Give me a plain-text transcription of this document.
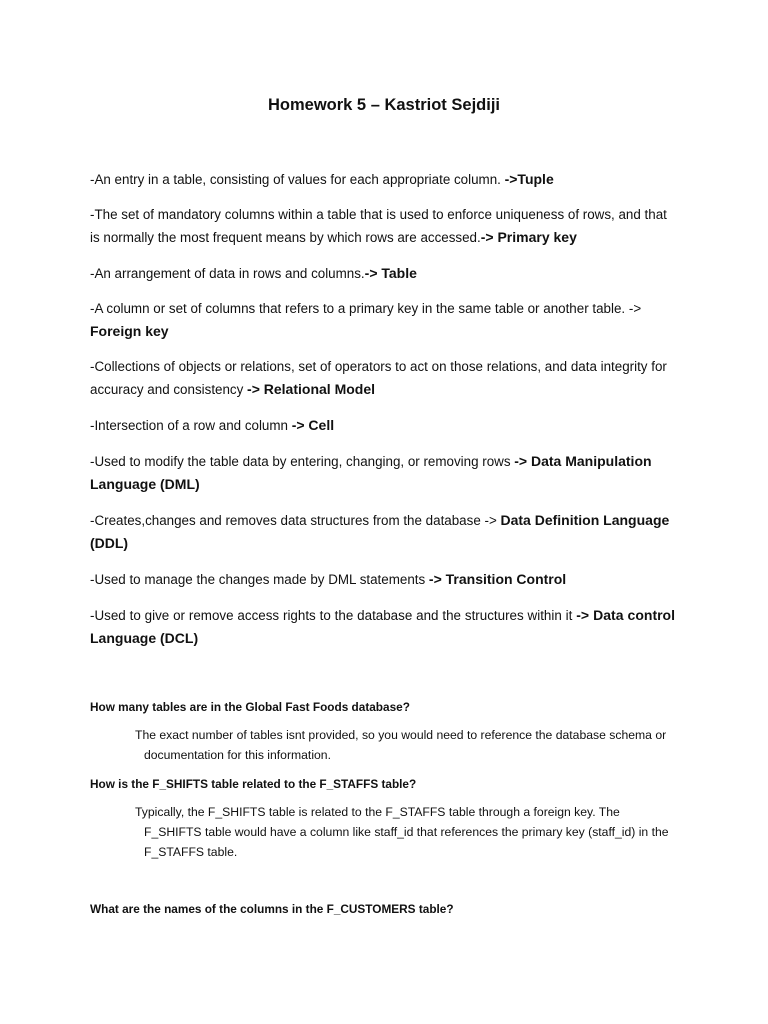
Homework 5 – Kastriot Sejdiji

-An entry in a table, consisting of values for each appropriate column. ->Tuple

-The set of mandatory columns within a table that is used to enforce uniqueness of rows, and that is normally the most frequent means by which rows are accessed.-> Primary key

-An arrangement of data in rows and columns.-> Table

-A column or set of columns that refers to a primary key in the same table or another table. -> Foreign key

-Collections of objects or relations, set of operators to act on those relations, and data integrity for accuracy and consistency -> Relational Model

-Intersection of a row and column -> Cell

-Used to modify the table data by entering, changing, or removing rows -> Data Manipulation Language (DML)

-Creates,changes and removes data structures from the database -> Data Definition Language (DDL)

-Used to manage the changes made by DML statements -> Transition Control

-Used to give or remove access rights to the database and the structures within it -> Data control Language (DCL)

How many tables are in the Global Fast Foods database?

The exact number of tables isnt provided, so you would need to reference the database schema or documentation for this information.

How is the F_SHIFTS table related to the F_STAFFS table?

Typically, the F_SHIFTS table is related to the F_STAFFS table through a foreign key. The F_SHIFTS table would have a column like staff_id that references the primary key (staff_id) in the F_STAFFS table.

What are the names of the columns in the F_CUSTOMERS table?
